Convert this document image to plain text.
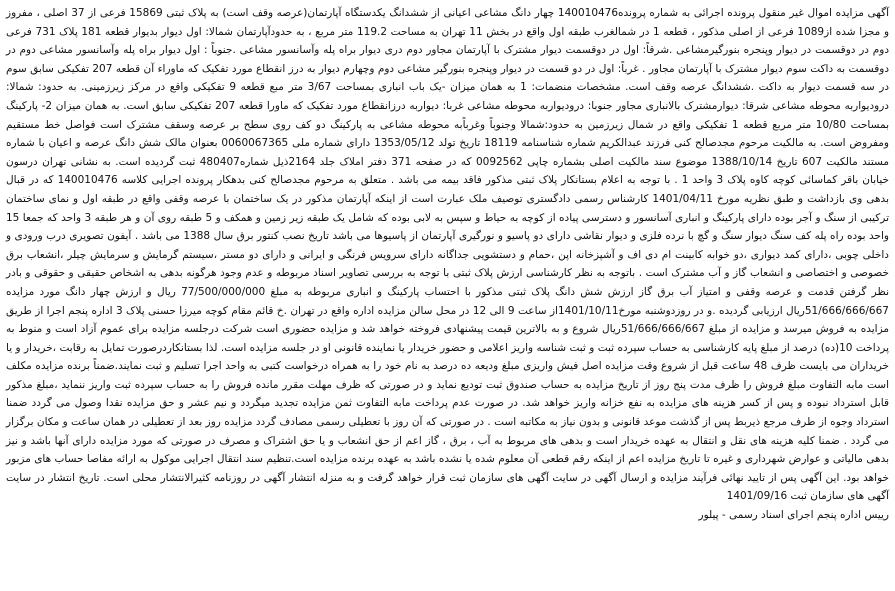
آگهی مزایده اموال غیر منقول پرونده اجرائی به شماره پرونده140010476 چهار دانگ مشاعی اعیانی از ششدانگ یکدستگاه آپارتمان(عرصه وقف است) به پلاک ثبتی 15869 فرعی از 37 اصلی ، مفروز و مجزا شده از1089 فرعی از اصلی مذکور ، قطعه 1 در شمالغرب طبقه اول واقع در بخش 11 تهران به مساحت 119.2 متر مربع ، به حدودآپارتمان شمالا: اول دیوار بدیوار قطعه 181 پلاک 731 فرعی دوم در دوقسمت در دیوار وپنجره بنورگیرمشاعی .شرقاً: اول در دوقسمت دیوار مشترک با آپارتمان مجاور دوم دری دیوار براه پله وآسانسور مشاعی .جنوباً : اول دیوار براه پله وآسانسور مشاعی دوم در دوقسمت به داکت سوم دیوار مشترک با آپارتمان مجاور . غرباً: اول در دو قسمت در دیوار وپنجره بنورگیر مشاعی دوم وچهارم دیوار به درز انقطاع مورد تفکیک که ماوراء آن قطعه 207 تفکیکی سابق سوم در سه قسمت دیوار به داکت .ششدانگ عرصه وقف است. مشخصات منضمات: 1 به همان میزان -یک باب انباری بمساحت 3/67 متر مبع قطعه 9 تفکیکی واقع در مرکز زیرزمینی. به حدود: شمالا: درودیواربه محوطه مشاعی شرقا: دیوارمشترک بالانباری مجاور جنوبا: درودیواربه محوطه مشاعی غربا: دیواربه درزانقطاع مورد تفکیک که ماورا قطعه 207 تفکیکی سابق است. به همان میزان 2- پارکینگ بمساحت 10/80 متر مربع قطعه 1 تفکیکی واقع در شمال زیرزمین به حدود:شمالا وجنوباً وغرباًبه محوطه مشاعی به پارکینگ دو کف روی سطح بر عرصه وسقف مشترک است فواصل خط مستقیم ومفروض است. به مالکیت مرحوم مجدصالح کنی فرزند عبدالکریم شماره شناسنامه 18119 تاریخ تولد 1353/05/12 دارای شماره ملی 0060067365 بعنوان مالک شش دانگ عرصه و اعیان با شماره مستند مالکیت 607 تاریخ 1388/10/14 موضوع سند مالکیت اصلی بشماره چاپی 0092562 که در صفحه 371 دفتر املاک جلد 2164ذیل شماره480407 ثبت گردیده است. به نشانی تهران درسون خیابان باقر کماسائی کوچه کاوه پلاک 3 واحد 1 . با توجه به اعلام بستانکار پلاک ثبتی مذکور فاقد بیمه می باشد . متعلق به مرحوم مجدصالح کنی بدهکار پرونده اجرایی کلاسه 140010476 که در قبال بدهی وی بازداشت و طبق نظریه مورخ 1401/04/11 کارشناس رسمی دادگستری توصیف ملک عبارت است از اینکه آپارتمان مذکور در یک ساختمان با عرصه وقفی واقع در طبقه اول و نمای ساختمان ترکیبی از سنگ و آجر بوده دارای پارکینگ و انباری آسانسور و دسترسی پیاده از کوچه به حیاط و سپس به لابی بوده که شامل یک طبقه زیر زمین و همکف و 5 طبقه روی آن و هر طبقه 3 واحد که جمعا 15 واحد بوده راه پله کف سنگ دیوار سنگ و گچ با نرده فلزی و دیوار نقاشی دارای دو پاسیو و نورگیری آپارتمان از پاسیوها می باشد تاریخ نصب کنتور برق سال 1388 می باشد . آیفون تصویری درب ورودی و داخلی چوبی ،دارای کمد دیواری ،دو خوابه کابینت ام دی اف و آشپزخانه اپن ،حمام و دستشویی جداگانه دارای سرویس فرنگی و ایرانی و دارای دو مستر ،سیستم گرمایش و سرمایش چیلر ،انشعاب برق خصوصی و اختصاصی و انشعاب گاز و آب مشترک است . باتوجه به نظر کارشناسی ارزش پلاک ثبتی با توجه به بررسی تصاویر اسناد مربوطه و عدم وجود هرگونه بدهی به اشخاص حقیقی و حقوقی و بادر نظر گرفتن قدمت و عرصه وقفی و امتیاز آب برق گاز ارزش شش دانگ پلاک ثبتی مذکور با احتساب پارکینگ و انباری مربوطه به مبلغ 77/500/000/000 ریال و ارزش چهار دانگ مورد مزایده 51/666/666/667ریال ارزیابی گردیده .و در روزدوشنبه مورخ1401/10/11از ساعت 9 الی 12 در محل سالن مزایده اداره واقع در تهران .خ قائم مقام کوچه میرزا حسنی پلاک 3 اداره پنجم اجرا از طریق مزایده به فروش میرسد و مزایده از مبلغ 51/666/666/667ریال شروع و به بالاترین قیمت پیشنهادی فروخته خواهد شد و مزایده حضوری است شرکت درجلسه مزایده برای عموم آزاد است و منوط به پرداخت 10(ده) درصد از مبلغ پایه کارشناسی به حساب سپرده ثبت و ثبت شناسه واریز اعلامی و حضور خریدار یا نماینده قانونی او در جلسه مزایده است. لذا بستانکاردرصورت تمایل به رقابت ،خریدار و یا خریداران می بایست ظرف 48 ساعت قبل از شروع وقت مزایده اصل فیش واریزی مبلغ ودیعه ده درصد به نام خود را به همراه درخواست کتبی به واحد اجرا تسلیم و ثبت نمایند.ضمناً برنده مزایده مکلف است مابه التفاوت مبلغ فروش را ظرف مدت پنج روز از تاریخ مزایده به حساب صندوق ثبت تودیع نماید و در صورتی که ظرف مهلت مقرر مانده فروش را به حساب سپرده ثبت واریز ننماید ،مبلغ مذکور قابل استرداد نبوده و پس از کسر هزینه های مزایده به نفع خزانه واریز خواهد شد. در صورت عدم پرداخت مابه التفاوت ثمن مزایده تجدید میگردد و نیم عشر و حق مزایده نقدا وصول می گردد ضمنا استرداد وجوه از طرف مرجع ذیربط پس از گذشت موعد قانونی و بدون نیاز به مکاتبه است . در صورتی که آن روز با تعطیلی رسمی مصادف گردد مزایده روز بعد از تعطیلی در همان ساعت و مکان برگزار می گردد . ضمنا کلیه هزینه های نقل و انتقال به عهده خریدار است و بدهی های مربوط به آب ، برق ، گاز اعم از حق انشعاب و یا حق اشتراک و مصرف در صورتی که مورد مزایده دارای آنها باشد و نیز بدهی مالیاتی و عوارض شهرداری و غیره تا تاریخ مزایده اعم از اینکه رقم قطعی آن معلوم شده یا نشده باشد به عهده برنده مزایده است.تنظیم سند انتقال اجرایی موکول به ارائه مفاصا حساب های مزبور خواهد بود. این آگهی پس از تایید نهائی فرآیند مزایده و ارسال آگهی در سایت آگهی های سازمان ثبت قرار خواهد گرفت و به منزله انتشار آگهی در روزنامه کثیرالانتشار محلی است. تاریخ انتشار در سایت آگهی های سازمان ثبت 1401/09/16

رییس اداره پنجم اجرای اسناد رسمی - پیلور
